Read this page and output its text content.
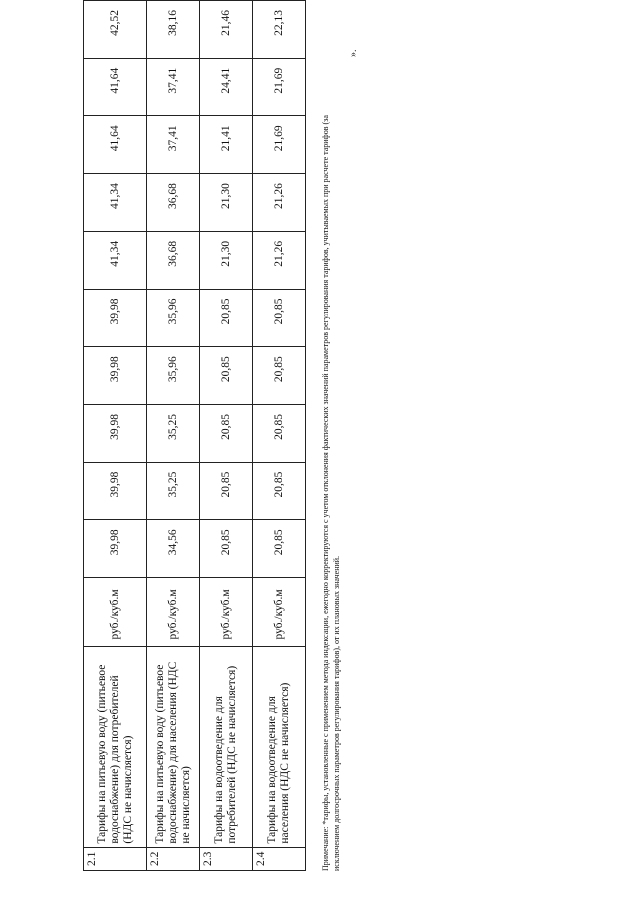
2.1	Тарифы на питьевую воду (питьевое водоснабжение) для потребителей (НДС не начисляется)	руб./куб.м	39,98	39,98	39,98	39,98	39,98	41,34	41,34	41,64	41,64	42,52
2.2	Тарифы на питьевую воду (питьевое водоснабжение) для населения (НДС не начисляется)	руб./куб.м	34,56	35,25	35,25	35,96	35,96	36,68	36,68	37,41	37,41	38,16
2.3	Тарифы на водоотведение для потребителей (НДС не начисляется)	руб./куб.м	20,85	20,85	20,85	20,85	20,85	21,30	21,30	21,41	24,41	21,46
2.4	Тарифы на водоотведение для населения (НДС не начисляется)	руб./куб.м	20,85	20,85	20,85	20,85	20,85	21,26	21,26	21,69	21,69	22,13
Примечание: *тарифы, установленные с применением метода индексации, ежегодно корректируются с учетом отклонения фактических значений параметров регулирования тарифов, учитываемых при расчете тарифов (за исключением долгосрочных параметров регулирования тарифов), от их плановых значений.
».
